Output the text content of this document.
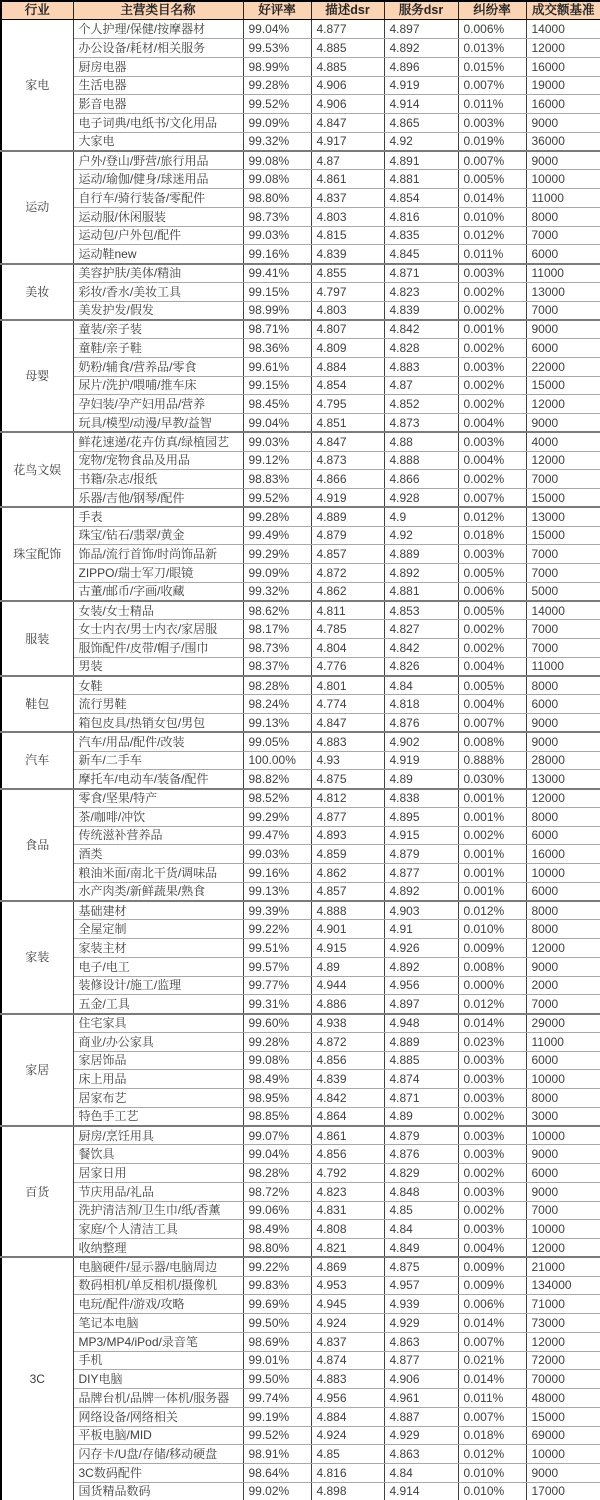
行业	主营类目名称	好评率	描述dsr	服务dsr	纠纷率	成交额基准
家电	个人护理/保健/按摩器材	99.04%	4.877	4.897	0.006%	14000
	办公设备/耗材/相关服务	99.53%	4.885	4.892	0.013%	12000
	厨房电器	98.99%	4.885	4.896	0.015%	16000
	生活电器	99.28%	4.906	4.919	0.007%	19000
	影音电器	99.52%	4.906	4.914	0.011%	16000
	电子词典/电纸书/文化用品	99.09%	4.847	4.865	0.003%	9000
	大家电	99.32%	4.917	4.92	0.019%	36000
运动	户外/登山/野营/旅行用品	99.08%	4.87	4.891	0.007%	9000
	运动/瑜伽/健身/球迷用品	99.08%	4.861	4.881	0.005%	10000
	自行车/骑行装备/零配件	98.80%	4.837	4.854	0.014%	11000
	运动服/休闲服装	98.73%	4.803	4.816	0.010%	8000
	运动包/户外包/配件	99.03%	4.815	4.835	0.012%	7000
	运动鞋new	99.16%	4.839	4.845	0.011%	6000
美妆	美容护肤/美体/精油	99.41%	4.855	4.871	0.003%	11000
	彩妆/香水/美妆工具	99.15%	4.797	4.823	0.002%	13000
	美发护发/假发	98.99%	4.803	4.839	0.002%	7000
母婴	童装/亲子装	98.71%	4.807	4.842	0.001%	9000
	童鞋/亲子鞋	98.36%	4.809	4.828	0.002%	6000
	奶粉/辅食/营养品/零食	99.61%	4.884	4.883	0.003%	22000
	尿片/洗护/喂哺/推车床	99.15%	4.854	4.87	0.002%	15000
	孕妇装/孕产妇用品/营养	98.45%	4.795	4.852	0.002%	12000
	玩具/模型/动漫/早教/益智	99.04%	4.851	4.873	0.004%	9000
花鸟文娱	鲜花速递/花卉仿真/绿植园艺	99.03%	4.847	4.88	0.003%	4000
	宠物/宠物食品及用品	99.12%	4.873	4.888	0.004%	12000
	书籍/杂志/报纸	98.83%	4.866	4.866	0.002%	7000
	乐器/吉他/钢琴/配件	99.52%	4.919	4.928	0.007%	15000
珠宝配饰	手表	99.28%	4.889	4.9	0.012%	13000
	珠宝/钻石/翡翠/黄金	99.49%	4.879	4.92	0.018%	15000
	饰品/流行首饰/时尚饰品新	99.29%	4.857	4.889	0.003%	7000
	ZIPPO/瑞士军刀/眼镜	99.09%	4.872	4.892	0.005%	7000
	古董/邮币/字画/收藏	99.32%	4.862	4.881	0.006%	5000
服装	女装/女士精品	98.62%	4.811	4.853	0.005%	14000
	女士内衣/男士内衣/家居服	98.17%	4.785	4.827	0.002%	7000
	服饰配件/皮带/帽子/围巾	98.73%	4.804	4.842	0.002%	7000
	男装	98.37%	4.776	4.826	0.004%	11000
鞋包	女鞋	98.28%	4.801	4.84	0.005%	8000
	流行男鞋	98.24%	4.774	4.818	0.004%	6000
	箱包皮具/热销女包/男包	99.13%	4.847	4.876	0.007%	9000
汽车	汽车/用品/配件/改装	99.05%	4.883	4.902	0.008%	9000
	新车/二手车	100.00%	4.93	4.919	0.888%	28000
	摩托车/电动车/装备/配件	98.82%	4.875	4.89	0.030%	13000
食品	零食/坚果/特产	98.52%	4.812	4.838	0.001%	12000
	茶/咖啡/冲饮	99.29%	4.877	4.895	0.001%	8000
	传统滋补营养品	99.47%	4.893	4.915	0.002%	6000
	酒类	99.03%	4.859	4.879	0.001%	16000
	粮油米面/南北干货/调味品	99.16%	4.862	4.877	0.001%	10000
	水产肉类/新鲜蔬果/熟食	99.13%	4.857	4.892	0.001%	6000
家装	基础建材	99.39%	4.888	4.903	0.012%	8000
	全屋定制	99.22%	4.901	4.91	0.010%	8000
	家装主材	99.51%	4.915	4.926	0.009%	12000
	电子/电工	99.57%	4.89	4.892	0.008%	9000
	装修设计/施工/监理	99.77%	4.944	4.956	0.000%	2000
	五金/工具	99.31%	4.886	4.897	0.012%	7000
家居	住宅家具	99.60%	4.938	4.948	0.014%	29000
	商业/办公家具	99.28%	4.872	4.889	0.023%	11000
	家居饰品	99.08%	4.856	4.885	0.003%	6000
	床上用品	98.49%	4.839	4.874	0.003%	10000
	居家布艺	98.95%	4.842	4.871	0.003%	8000
	特色手工艺	98.85%	4.864	4.89	0.002%	3000
百货	厨房/烹饪用具	99.07%	4.861	4.879	0.003%	10000
	餐饮具	99.04%	4.856	4.876	0.003%	9000
	居家日用	98.28%	4.792	4.829	0.002%	6000
	节庆用品/礼品	98.72%	4.823	4.848	0.003%	9000
	洗护清洁剂/卫生巾/纸/香薰	99.06%	4.831	4.85	0.002%	7000
	家庭/个人清洁工具	98.49%	4.808	4.84	0.003%	10000
	收纳整理	98.80%	4.821	4.849	0.004%	12000
3C	电脑硬件/显示器/电脑周边	99.22%	4.869	4.875	0.009%	21000
	数码相机/单反相机/摄像机	99.83%	4.953	4.957	0.009%	134000
	电玩/配件/游戏/攻略	99.69%	4.945	4.939	0.006%	71000
	笔记本电脑	99.50%	4.924	4.929	0.014%	73000
	MP3/MP4/iPod/录音笔	98.69%	4.837	4.863	0.007%	12000
	手机	99.01%	4.874	4.877	0.021%	72000
	DIY电脑	99.50%	4.883	4.906	0.014%	70000
	品牌台机/品牌一体机/服务器	99.74%	4.956	4.961	0.011%	48000
	网络设备/网络相关	99.19%	4.884	4.887	0.007%	15000
	平板电脑/MID	99.52%	4.924	4.929	0.018%	69000
	闪存卡/U盘/存储/移动硬盘	98.91%	4.85	4.863	0.012%	10000
	3C数码配件	98.64%	4.816	4.84	0.010%	9000
	国货精品数码	99.02%	4.898	4.914	0.010%	17000
